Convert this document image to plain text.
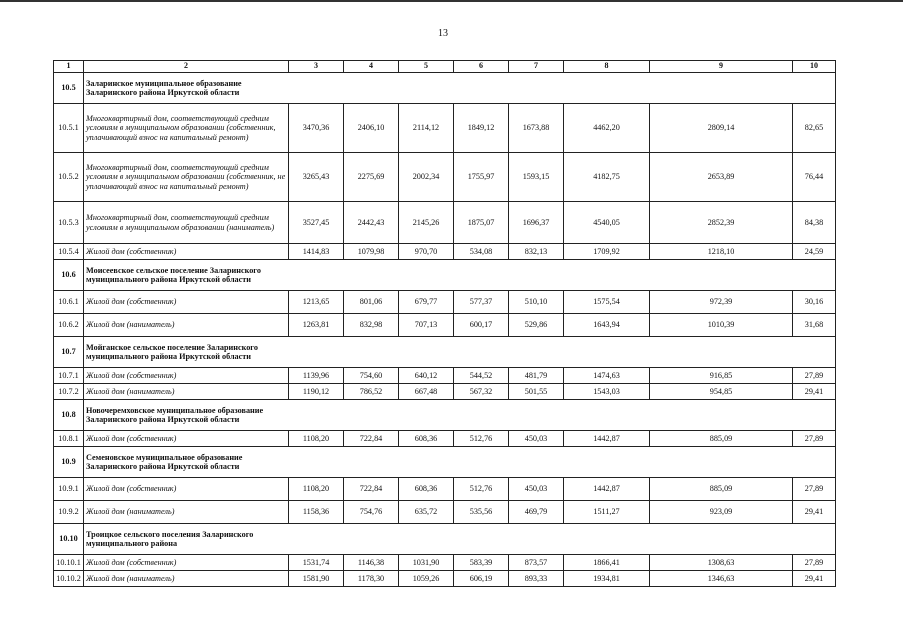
13
1	2	3	4	5	6	7	8	9	10
10.5	Заларинское муниципальное образование
Заларинского района Иркутской области								
10.5.1	Многоквартирный дом, соответствующий средним условиям в муниципальном образовании (собственник, уплачивающий взнос на капитальный ремонт)	3470,36	2406,10	2114,12	1849,12	1673,88	4462,20	2809,14	82,65
10.5.2	Многоквартирный дом, соответствующий средним условиям в муниципальном образовании (собственник, не уплачивающий взнос на капитальный ремонт)	3265,43	2275,69	2002,34	1755,97	1593,15	4182,75	2653,89	76,44
10.5.3	Многоквартирный дом, соответствующий средним условиям в муниципальном образовании (наниматель)	3527,45	2442,43	2145,26	1875,07	1696,37	4540,05	2852,39	84,38
10.5.4	Жилой дом (собственник)	1414,83	1079,98	970,70	534,08	832,13	1709,92	1218,10	24,59
10.6	Моисеевское сельское поселение Заларинского
муниципального района Иркутской области								
10.6.1	Жилой дом (собственник)	1213,65	801,06	679,77	577,37	510,10	1575,54	972,39	30,16
10.6.2	Жилой дом (наниматель)	1263,81	832,98	707,13	600,17	529,86	1643,94	1010,39	31,68
10.7	Мойганское сельское поселение Заларинского
муниципального района Иркутской области								
10.7.1	Жилой дом (собственник)	1139,96	754,60	640,12	544,52	481,79	1474,63	916,85	27,89
10.7.2	Жилой дом (наниматель)	1190,12	786,52	667,48	567,32	501,55	1543,03	954,85	29,41
10.8	Новочеремховское муниципальное образование
Заларинского района Иркутской области								
10.8.1	Жилой дом (собственник)	1108,20	722,84	608,36	512,76	450,03	1442,87	885,09	27,89
10.9	Семеновское муниципальное образование
Заларинского района Иркутской области								
10.9.1	Жилой дом (собственник)	1108,20	722,84	608,36	512,76	450,03	1442,87	885,09	27,89
10.9.2	Жилой дом (наниматель)	1158,36	754,76	635,72	535,56	469,79	1511,27	923,09	29,41
10.10	Троицкое сельского поселения Заларинского
муниципального района								
10.10.1	Жилой дом (собственник)	1531,74	1146,38	1031,90	583,39	873,57	1866,41	1308,63	27,89
10.10.2	Жилой дом (наниматель)	1581,90	1178,30	1059,26	606,19	893,33	1934,81	1346,63	29,41
